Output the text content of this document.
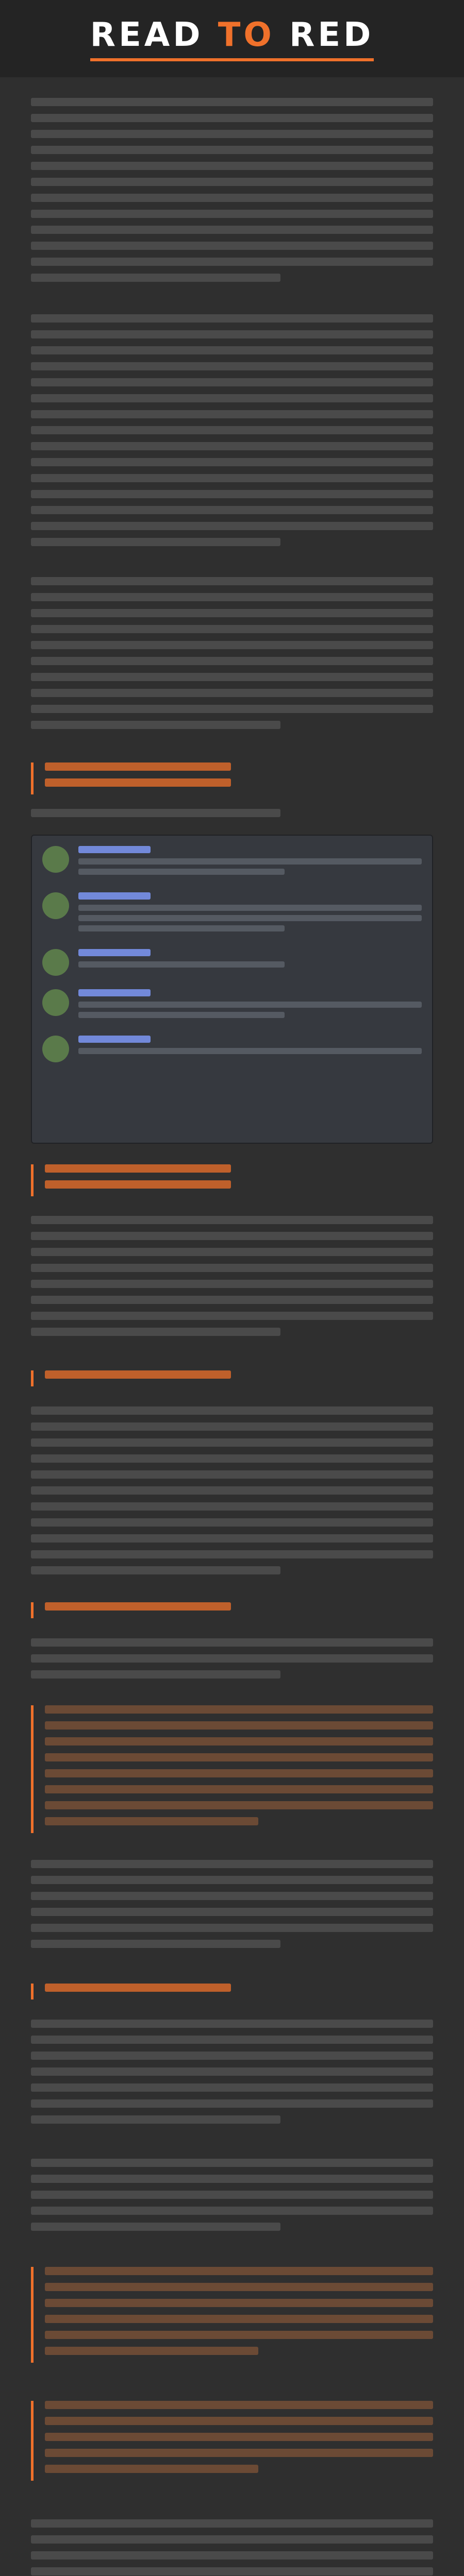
READ TO RED
